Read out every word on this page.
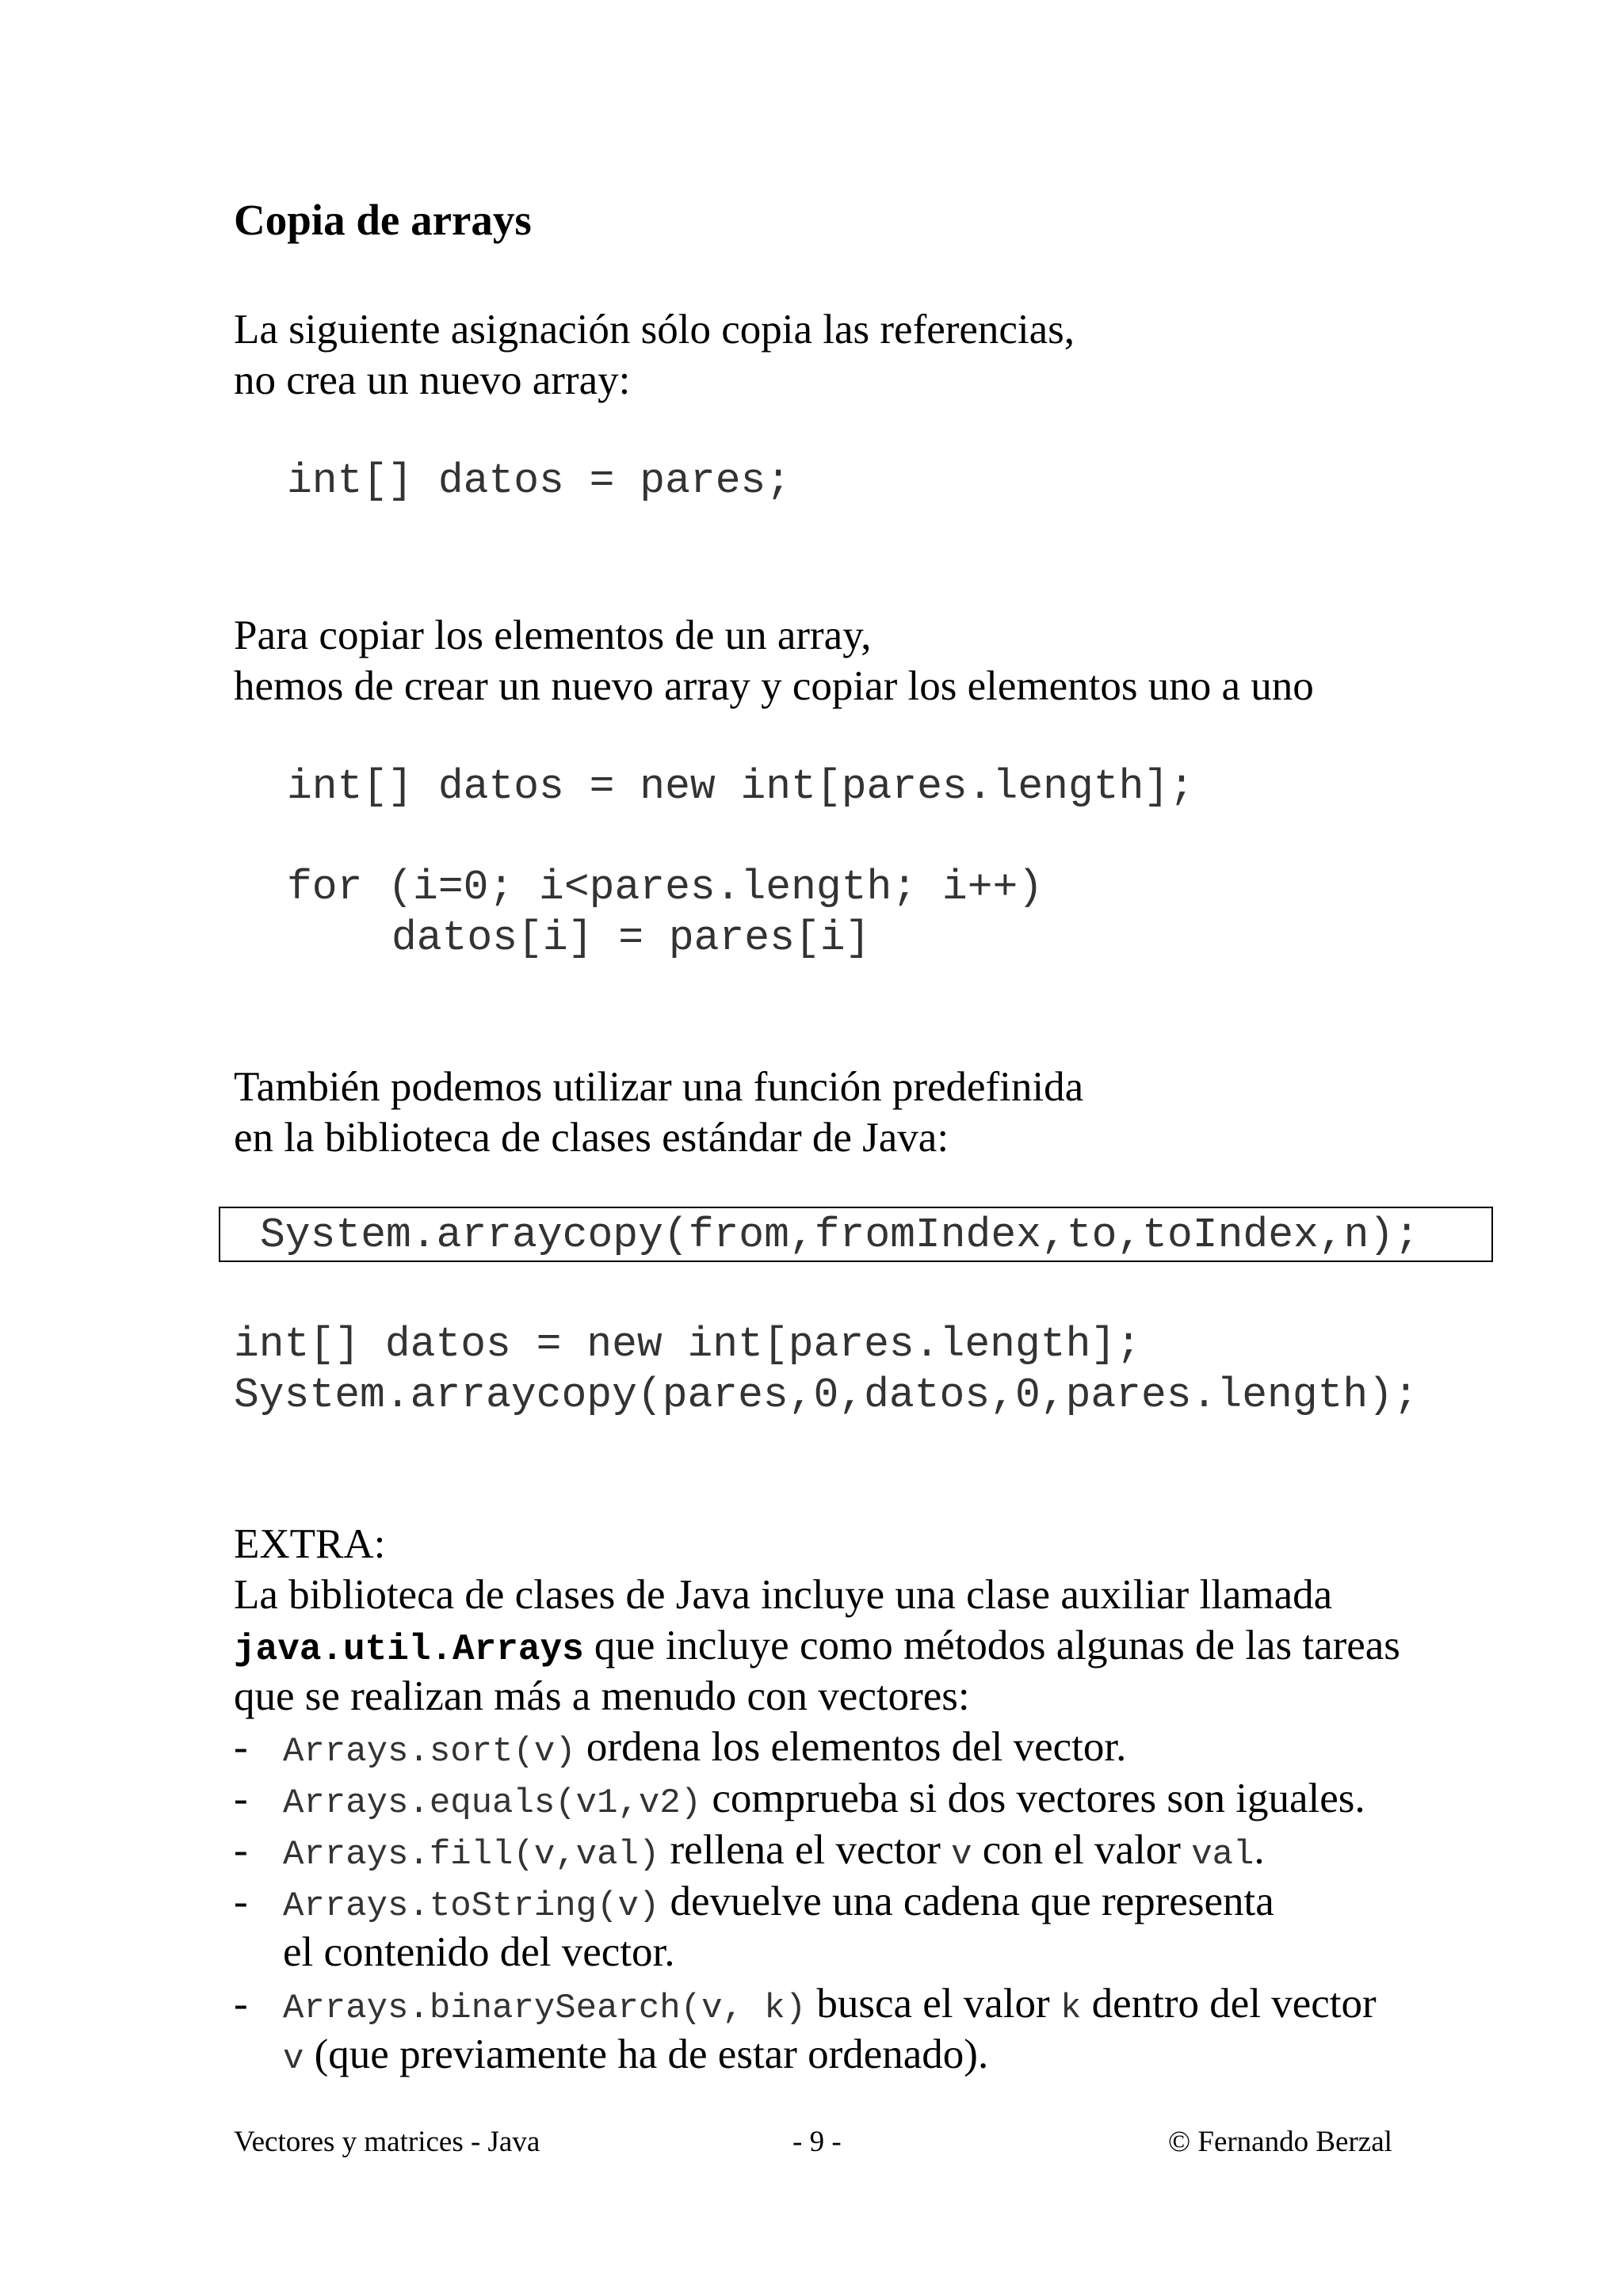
Copia de arrays
La siguiente asignación sólo copia las referencias,
no crea un nuevo array:
int[] datos = pares;
Para copiar los elementos de un array,
hemos de crear un nuevo array y copiar los elementos uno a uno
int[] datos = new int[pares.length];
for (i=0; i<pares.length; i++)
datos[i] = pares[i]
También podemos utilizar una función predefinida
en la biblioteca de clases estándar de Java:
System.arraycopy(from,fromIndex,to,toIndex,n);
int[] datos = new int[pares.length];
System.arraycopy(pares,0,datos,0,pares.length);
EXTRA:
La biblioteca de clases de Java incluye una clase auxiliar llamada
java.util.Arrays que incluye como métodos algunas de las tareas
que se realizan más a menudo con vectores:
- Arrays.sort(v) ordena los elementos del vector.
- Arrays.equals(v1,v2) comprueba si dos vectores son iguales.
- Arrays.fill(v,val) rellena el vector v con el valor val.
- Arrays.toString(v) devuelve una cadena que representa
el contenido del vector.
- Arrays.binarySearch(v, k) busca el valor k dentro del vector
v (que previamente ha de estar ordenado).
Vectores y matrices - Java	- 9 -	© Fernando Berzal
